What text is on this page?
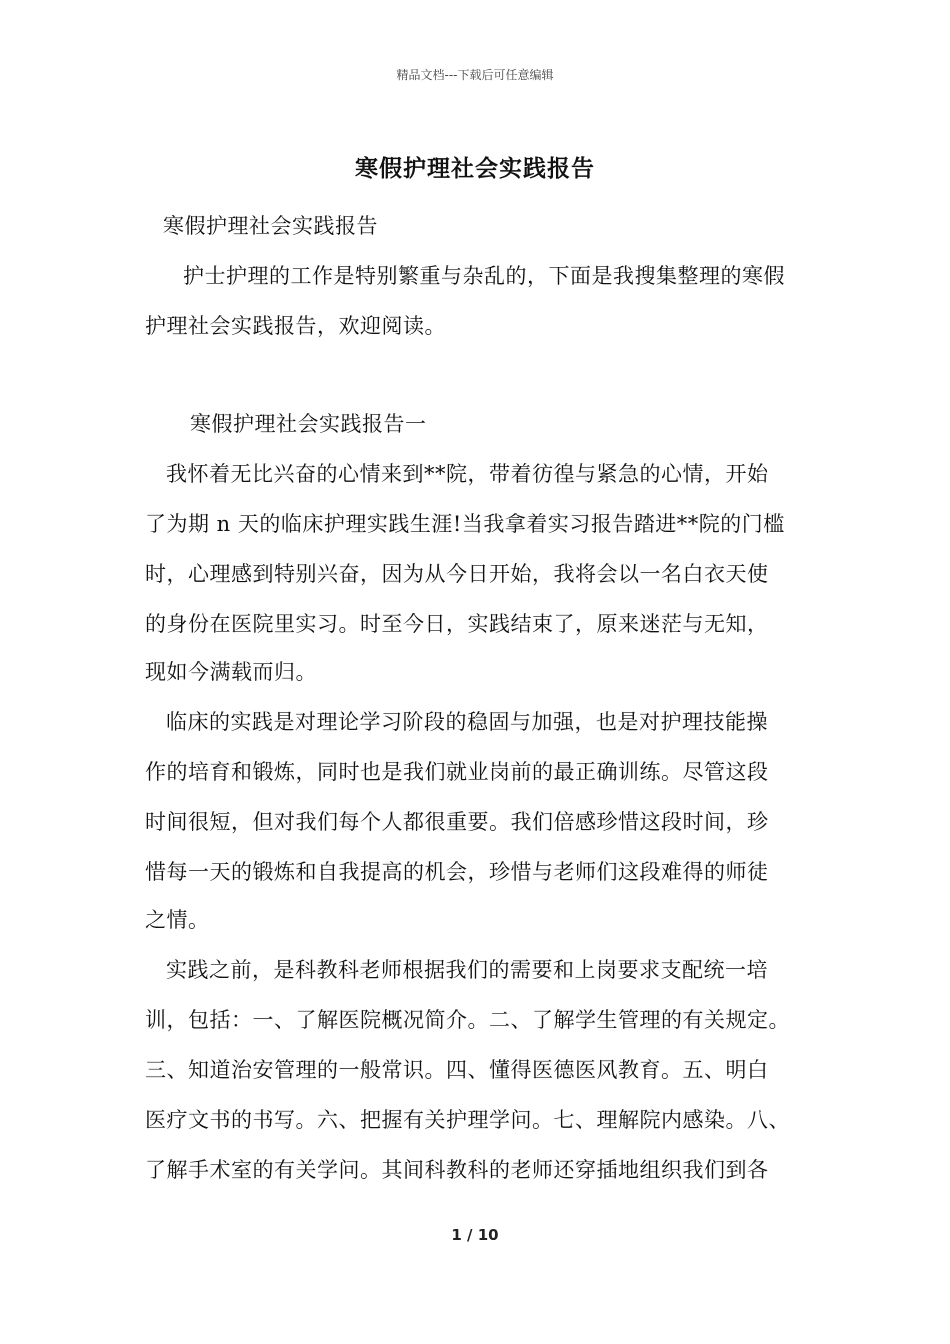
精品文档---下载后可任意编辑
寒假护理社会实践报告
寒假护理社会实践报告
护士护理的工作是特别繁重与杂乱的，下面是我搜集整理的寒假
护理社会实践报告，欢迎阅读。
寒假护理社会实践报告一
我怀着无比兴奋的心情来到**院，带着彷徨与紧急的心情，开始
了为期 n 天的临床护理实践生涯!当我拿着实习报告踏进**院的门槛
时，心理感到特别兴奋，因为从今日开始，我将会以一名白衣天使
的身份在医院里实习。时至今日，实践结束了，原来迷茫与无知，
现如今满载而归。
临床的实践是对理论学习阶段的稳固与加强，也是对护理技能操
作的培育和锻炼，同时也是我们就业岗前的最正确训练。尽管这段
时间很短，但对我们每个人都很重要。我们倍感珍惜这段时间，珍
惜每一天的锻炼和自我提高的机会，珍惜与老师们这段难得的师徒
之情。
实践之前，是科教科老师根据我们的需要和上岗要求支配统一培
训，包括：一、了解医院概况简介。二、了解学生管理的有关规定。
三、知道治安管理的一般常识。四、懂得医德医风教育。五、明白
医疗文书的书写。六、把握有关护理学问。七、理解院内感染。八、
了解手术室的有关学问。其间科教科的老师还穿插地组织我们到各
1 / 10
